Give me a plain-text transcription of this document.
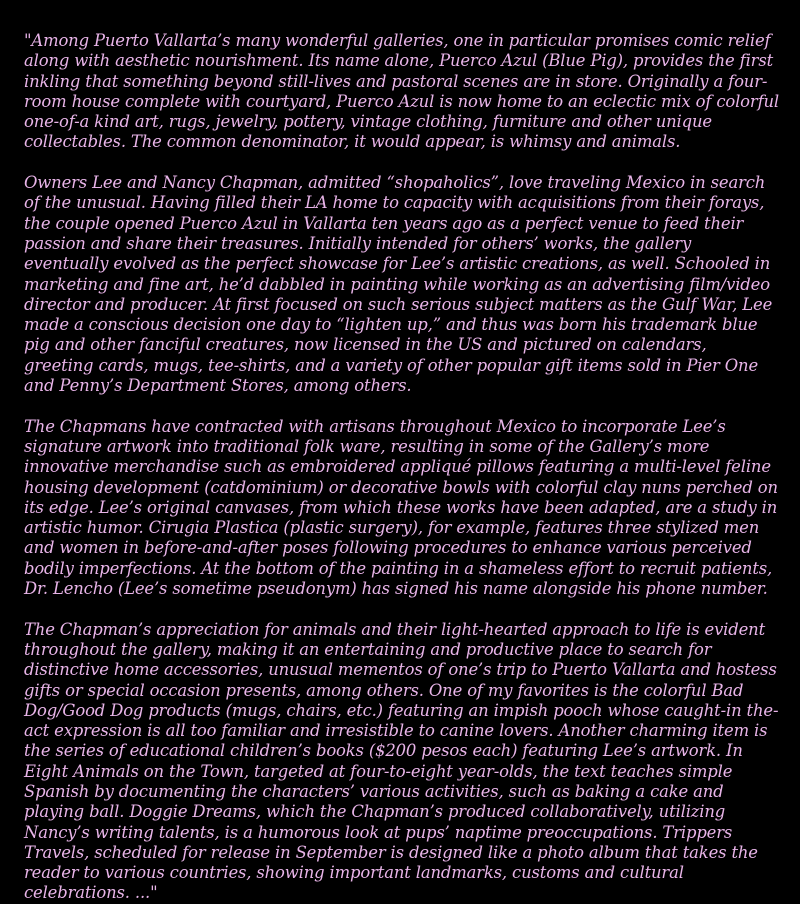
"Among Puerto Vallarta’s many wonderful galleries, one in particular promises comic relief along with aesthetic nourishment. Its name alone, Puerco Azul (Blue Pig), provides the first inkling that something beyond still-lives and pastoral scenes are in store. Originally a four-room house complete with courtyard, Puerco Azul is now home to an eclectic mix of colorful one-of-a kind art, rugs, jewelry, pottery, vintage clothing, furniture and other unique collectables. The common denominator, it would appear, is whimsy and animals.

Owners Lee and Nancy Chapman, admitted “shopaholics”, love traveling Mexico in search of the unusual. Having filled their LA home to capacity with acquisitions from their forays, the couple opened Puerco Azul in Vallarta ten years ago as a perfect venue to feed their passion and share their treasures. Initially intended for others’ works, the gallery eventually evolved as the perfect showcase for Lee’s artistic creations, as well. Schooled in marketing and fine art, he’d dabbled in painting while working as an advertising film/video director and producer. At first focused on such serious subject matters as the Gulf War, Lee made a conscious decision one day to “lighten up,” and thus was born his trademark blue pig and other fanciful creatures, now licensed in the US and pictured on calendars, greeting cards, mugs, tee-shirts, and a variety of other popular gift items sold in Pier One and Penny’s Department Stores, among others.

The Chapmans have contracted with artisans throughout Mexico to incorporate Lee’s signature artwork into traditional folk ware, resulting in some of the Gallery’s more innovative merchandise such as embroidered appliqué pillows featuring a multi-level feline housing development (catdominium) or decorative bowls with colorful clay nuns perched on its edge. Lee’s original canvases, from which these works have been adapted, are a study in artistic humor. Cirugia Plastica (plastic surgery), for example, features three stylized men and women in before-and-after poses following procedures to enhance various perceived bodily imperfections. At the bottom of the painting in a shameless effort to recruit patients, Dr. Lencho (Lee’s sometime pseudonym) has signed his name alongside his phone number.

The Chapman’s appreciation for animals and their light-hearted approach to life is evident throughout the gallery, making it an entertaining and productive place to search for distinctive home accessories, unusual mementos of one’s trip to Puerto Vallarta and hostess gifts or special occasion presents, among others. One of my favorites is the colorful Bad Dog/Good Dog products (mugs, chairs, etc.) featuring an impish pooch whose caught-in the-act expression is all too familiar and irresistible to canine lovers. Another charming item is the series of educational children’s books ($200 pesos each) featuring Lee’s artwork. In Eight Animals on the Town, targeted at four-to-eight year-olds, the text teaches simple Spanish by documenting the characters’ various activities, such as baking a cake and playing ball. Doggie Dreams, which the Chapman’s produced collaboratively, utilizing Nancy’s writing talents, is a humorous look at pups’ naptime preoccupations. Trippers Travels, scheduled for release in September is designed like a photo album that takes the reader to various countries, showing important landmarks, customs and cultural celebrations. ..."
